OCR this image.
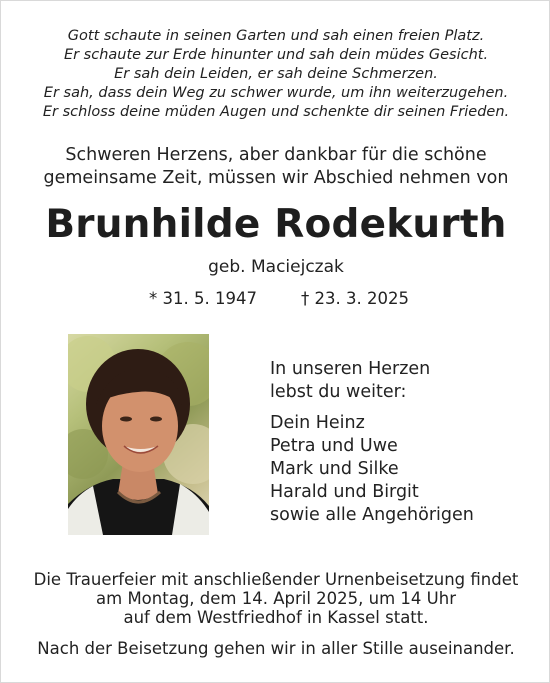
Gott schaute in seinen Garten und sah einen freien Platz.
Er schaute zur Erde hinunter und sah dein müdes Gesicht.
Er sah dein Leiden, er sah deine Schmerzen.
Er sah, dass dein Weg zu schwer wurde, um ihn weiterzugehen.
Er schloss deine müden Augen und schenkte dir seinen Frieden.
Schweren Herzens, aber dankbar für die schöne
gemeinsame Zeit, müssen wir Abschied nehmen von
Brunhilde Rodekurth
geb. Maciejczak
* 31. 5. 1947	† 23. 3. 2025
In unseren Herzen
lebst du weiter:
Dein Heinz
Petra und Uwe
Mark und Silke
Harald und Birgit
sowie alle Angehörigen
Die Trauerfeier mit anschließender Urnenbeisetzung findet
am Montag, dem 14. April 2025, um 14 Uhr
auf dem Westfriedhof in Kassel statt.
Nach der Beisetzung gehen wir in aller Stille auseinander.
